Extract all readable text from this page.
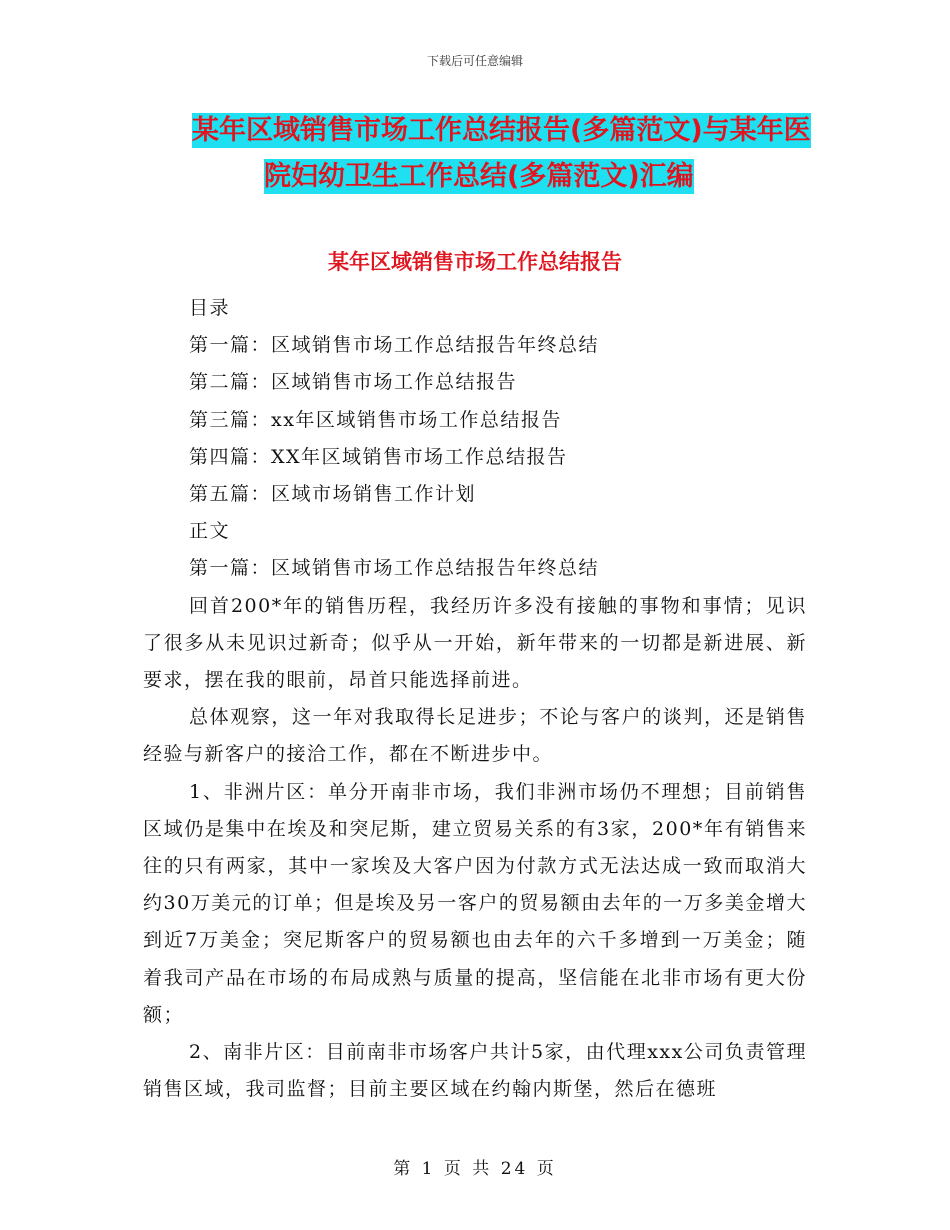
下载后可任意编辑
某年区域销售市场工作总结报告(多篇范文)与某年医
院妇幼卫生工作总结(多篇范文)汇编
某年区域销售市场工作总结报告
目录
第一篇：区域销售市场工作总结报告年终总结
第二篇：区域销售市场工作总结报告
第三篇：xx年区域销售市场工作总结报告
第四篇：XX年区域销售市场工作总结报告
第五篇：区域市场销售工作计划
正文
第一篇：区域销售市场工作总结报告年终总结
回首200*年的销售历程，我经历许多没有接触的事物和事情；见识了很多从未见识过新奇；似乎从一开始，新年带来的一切都是新进展、新要求，摆在我的眼前，昂首只能选择前进。
总体观察，这一年对我取得长足进步；不论与客户的谈判，还是销售经验与新客户的接洽工作，都在不断进步中。
1、非洲片区：单分开南非市场，我们非洲市场仍不理想；目前销售区域仍是集中在埃及和突尼斯，建立贸易关系的有3家，200*年有销售来往的只有两家，其中一家埃及大客户因为付款方式无法达成一致而取消大约30万美元的订单；但是埃及另一客户的贸易额由去年的一万多美金增大到近7万美金；突尼斯客户的贸易额也由去年的六千多增到一万美金；随着我司产品在市场的布局成熟与质量的提高，坚信能在北非市场有更大份额；
2、南非片区：目前南非市场客户共计5家，由代理xxx公司负责管理销售区域，我司监督；目前主要区域在约翰内斯堡，然后在德班
第 1 页 共 24 页
